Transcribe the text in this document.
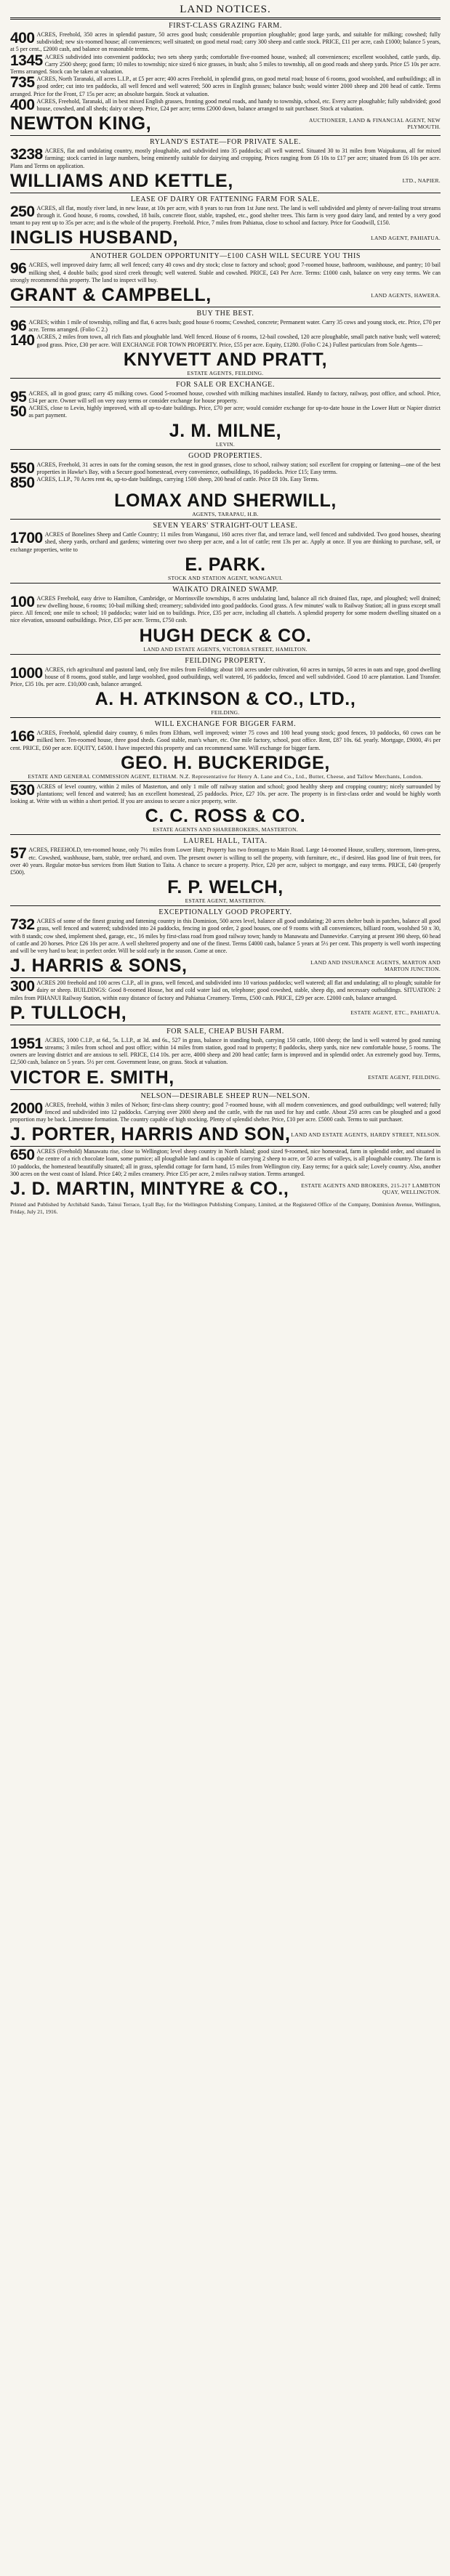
LAND NOTICES.
FIRST-CLASS GRAZING FARM.
400 ACRES, Freehold, 350 acres in splendid pasture, 50 acres good bush; considerable proportion ploughable; good large yards, and suitable for milking; cowshed; fully subdivided; new six-roomed house; all conveniences; well situated; on good metal road; carry 300 sheep and cattle stock. PRICE, £11 per acre, cash £1000; balance 5 years, at 5 per cent., £2000 cash, and balance on reasonable terms.
1345 ACRES subdivided into convenient paddocks; two sets sheep yards; comfortable five-roomed house, washed; all conveniences; excellent woolshed, cattle yards, dip. Carry 2500 sheep; good farm; 10 miles to township; nice sized 6 nice grasses, in bush; also 5 miles to township, all on good roads and sheep yards. Price £5 10s per acre. Terms arranged. Stock can be taken at valuation.
735 ACRES, North Taranaki, all acres L.I.P., at £5 per acre; 400 acres Freehold, in splendid grass, on good metal road; house of 6 rooms, good woolshed, and outbuildings; all in good order; cut into ten paddocks, all well fenced and well watered; 500 acres in English grasses; balance bush; would winter 2000 sheep and 200 head of cattle. Terms arranged. Price for the Front, £7 15s per acre; an absolute bargain. Stock at valuation.
400 ACRES, Freehold, Taranaki, all in best mixed English grasses, fronting good metal roads, and handy to township, school, etc. Every acre ploughable; fully subdivided; good house, cowshed, and all sheds; dairy or sheep. Price, £24 per acre; terms £2000 down, balance arranged to suit purchaser. Stock at valuation.
NEWTON KING,	AUCTIONEER, LAND & FINANCIAL AGENT, NEW PLYMOUTH.
RYLAND'S ESTATE—FOR PRIVATE SALE.
3238 ACRES, flat and undulating country, mostly ploughable, and subdivided into 35 paddocks; all well watered. Situated 30 to 31 miles from Waipukurau, all for mixed farming; stock carried in large numbers, being eminently suitable for dairying and cropping. Prices ranging from £6 10s to £17 per acre; situated from £6 10s per acre. Plans and Terms on application.
WILLIAMS AND KETTLE,	LTD., NAPIER.
LEASE OF DAIRY OR FATTENING FARM FOR SALE.
250 ACRES, all flat, mostly river land, in new lease, at 10s per acre, with 8 years to run from 1st June next. The land is well subdivided and plenty of never-failing trout streams through it. Good house, 6 rooms, cowshed, 18 bails, concrete floor, stable, trapshed, etc., good shelter trees. This farm is very good dairy land, and rented by a very good tenant to pay rent up to 35s per acre; and is the whole of the property. Freehold. Price, 7 miles from Pahiatua, close to school and factory. Price for Goodwill, £150.
INGLIS HUSBAND,	LAND AGENT, PAHIATUA.
ANOTHER GOLDEN OPPORTUNITY—£100 CASH WILL SECURE YOU THIS
96 ACRES, well improved dairy farm; all well fenced; carry 40 cows and dry stock; close to factory and school; good 7-roomed house, bathroom, washhouse, and pantry; 10 bail milking shed, 4 double bails; good sized creek through; well watered. Stable and cowshed. PRICE, £43 Per Acre. Terms: £1000 cash, balance on very easy terms. We can strongly recommend this property. The land to inspect will buy.
GRANT & CAMPBELL,	LAND AGENTS, HAWERA.
BUY THE BEST.
96 ACRES; within 1 mile of township, rolling and flat, 6 acres bush; good house 6 rooms; Cowshed, concrete; Permanent water. Carry 35 cows and young stock, etc. Price, £70 per acre. Terms arranged. (Folio C 2.)
140 ACRES, 2 miles from town, all rich flats and ploughable land. Well fenced. House of 6 rooms, 12-bail cowshed, 120 acre ploughable, small patch native bush; well watered; good grass. Price, £30 per acre. Will EXCHANGE FOR TOWN PROPERTY. Price, £55 per acre. Equity, £1280. (Folio C 24.) Fullest particulars from Sole Agents—
KNYVETT AND PRATT,
ESTATE AGENTS, FEILDING.
FOR SALE OR EXCHANGE.
95 ACRES, all in good grass; carry 45 milking cows. Good 5-roomed house, cowshed with milking machines installed. Handy to factory, railway, post office, and school. Price, £34 per acre. Owner will sell on very easy terms or consider exchange for house property.
50 ACRES, close to Levin, highly improved, with all up-to-date buildings. Price, £70 per acre; would consider exchange for up-to-date house in the Lower Hutt or Napier district as part payment.
J. M. MILNE,
LEVIN.
GOOD PROPERTIES.
550 ACRES, Freehold, 31 acres in oats for the coming season, the rest in good grasses, close to school, railway station; soil excellent for cropping or fattening—one of the best properties in Hawke's Bay, with a Secure good homestead, every convenience, outbuildings, 16 paddocks. Price £15; Easy terms.
850 ACRES, L.I.P., 70 Acres rent 4s, up-to-date buildings, carrying 1500 sheep, 200 head of cattle. Price £8 10s. Easy Terms.
LOMAX AND SHERWILL,
AGENTS, TARAPAU, H.B.
SEVEN YEARS' STRAIGHT-OUT LEASE.
1700 ACRES of Bonelines Sheep and Cattle Country; 11 miles from Wanganui, 160 acres river flat, and terrace land, well fenced and subdivided. Two good houses, shearing shed, sheep yards, orchard and gardens; wintering over two sheep per acre, and a lot of cattle; rent 13s per ac. Apply at once. If you are thinking to purchase, sell, or exchange properties, write to
E. PARK.
STOCK AND STATION AGENT, WANGANUI.
WAIKATO DRAINED SWAMP.
100 ACRES Freehold, easy drive to Hamilton, Cambridge, or Morrinsville townships, 8 acres undulating land, balance all rich drained flax, rape, and ploughed; well drained; new dwelling house, 6 rooms; 10-bail milking shed; creamery; subdivided into good paddocks. Good grass. A few minutes' walk to Railway Station; all in grass except small piece. All fenced; one mile to school; 10 paddocks; water laid on to buildings. Price, £35 per acre, including all chattels. A splendid property for some modern dwelling situated on a nice elevation, unsound outbuildings. Price, £35 per acre. Terms, £750 cash.
HUGH DECK & CO.
LAND AND ESTATE AGENTS, VICTORIA STREET, HAMILTON.
FEILDING PROPERTY.
1000 ACRES, rich agricultural and pastoral land, only five miles from Feilding; about 100 acres under cultivation, 60 acres in turnips, 50 acres in oats and rape, good dwelling house of 8 rooms, good stable, and large woolshed, good outbuildings, well watered, 16 paddocks, fenced and well subdivided. Good 10 acre plantation. Land Transfer. Price, £35 10s. per acre. £10,000 cash, balance arranged.
A. H. ATKINSON & CO., LTD.,
FEILDING.
WILL EXCHANGE FOR BIGGER FARM.
166 ACRES, Freehold, splendid dairy country, 6 miles from Eltham, well improved; winter 75 cows and 100 head young stock; good fences, 10 paddocks, 60 cows can be milked here. Ten-roomed house, three good sheds. Good stable, man's whare, etc. One mile factory, school, post office. Rent, £87 10s. 6d. yearly. Mortgage, £9000, 4½ per cent. PRICE, £60 per acre. EQUITY, £4500. I have inspected this property and can recommend same. Will exchange for bigger farm.
GEO. H. BUCKERIDGE,
ESTATE AND GENERAL COMMISSION AGENT, ELTHAM. N.Z. Representative for Henry A. Lane and Co., Ltd., Butter, Cheese, and Tallow Merchants, London.
530 ACRES of level country, within 2 miles of Masterton, and only 1 mile off railway station and school; good healthy sheep and cropping country; nicely surrounded by plantations; well fenced and watered; has an excellent homestead, 25 paddocks. Price, £27 10s. per acre. The property is in first-class order and would be highly worth looking at. Write with us within a short period. If you are anxious to secure a nice property, write.
C. C. ROSS & CO.
ESTATE AGENTS AND SHAREBROKERS, MASTERTON.
LAUREL HALL, TAITA.
57 ACRES, FREEHOLD, ten-roomed house, only 7½ miles from Lower Hutt; Property has two frontages to Main Road. Large 14-roomed House, scullery, storeroom, linen-press, etc. Cowshed, washhouse, barn, stable, tree orchard, and oven. The present owner is willing to sell the property, with furniture, etc., if desired. Has good line of fruit trees, for over 40 years. Regular motor-bus services from Hutt Station to Taita. A chance to secure a property. Price, £20 per acre, subject to mortgage, and easy terms. PRICE, £40 (properly £500).
F. P. WELCH,
ESTATE AGENT, MASTERTON.
EXCEPTIONALLY GOOD PROPERTY.
732 ACRES of some of the finest grazing and fattening country in this Dominion, 500 acres level, balance all good undulating; 20 acres shelter bush in patches, balance all good grass, well fenced and watered; subdivided into 24 paddocks, fencing in good order, 2 good houses, one of 9 rooms with all conveniences, billiard room, woolshed 50 x 30, with 8 stands; cow shed, implement shed, garage, etc., 16 miles by first-class road from good railway town; handy to Manawatu and Dannevirke. Carrying at present 390 sheep, 60 head of cattle and 20 horses. Price £26 10s per acre. A well sheltered property and one of the finest. Terms £4000 cash, balance 5 years at 5½ per cent. This property is well worth inspecting and will be very hard to beat; in perfect order. Will be sold early in the season. Come at once.
J. HARRIS & SONS,	LAND AND INSURANCE AGENTS, MARTON AND MARTON JUNCTION.
300 ACRES 200 freehold and 100 acres C.I.P., all in grass, well fenced, and subdivided into 10 various paddocks; well watered; all flat and undulating; all to plough; suitable for dairy or sheep. BUILDINGS: Good 8-roomed House, hot and cold water laid on, telephone; good cowshed, stable, sheep dip, and necessary outbuildings. SITUATION: 2 miles from PIHANUI Railway Station, within easy distance of factory and Pahiatua Creamery. Terms, £500 cash. PRICE, £29 per acre. £2000 cash, balance arranged.
P. TULLOCH,	ESTATE AGENT, ETC., PAHIATUA.
FOR SALE, CHEAP BUSH FARM.
1951 ACRES, 1000 C.I.P., at 6d., 5s. L.I.P., at 3d. and 6s., 527 in grass, balance in standing bush, carrying 150 cattle, 1000 sheep; the land is well watered by good running streams; 3 miles from school and post office; within 14 miles from station, good road to property; 8 paddocks, sheep yards, nice new comfortable house, 5 rooms. The owners are leaving district and are anxious to sell. PRICE, £14 10s. per acre, 4000 sheep and 200 head cattle; farm is improved and in splendid order. An extremely good buy. Terms, £2,500 cash, balance on 5 years. 5½ per cent. Government lease, on grass. Stock at valuation.
VICTOR E. SMITH,	ESTATE AGENT, FEILDING.
NELSON—DESIRABLE SHEEP RUN—NELSON.
2000 ACRES, freehold, within 3 miles of Nelson; first-class sheep country; good 7-roomed house, with all modern conveniences, and good outbuildings; well watered; fully fenced and subdivided into 12 paddocks. Carrying over 2000 sheep and the cattle, with the run used for hay and cattle. About 250 acres can be ploughed and a good proportion may be back. Limestone formation. The country capable of high stocking. Plenty of splendid shelter. Price, £10 per acre. £5000 cash. Terms to suit purchaser.
J. PORTER, HARRIS AND SON, LAND AND ESTATE AGENTS, HARDY STREET, NELSON.
650 ACRES (Freehold) Manawatu rise, close to Wellington; level sheep country in North Island; good sized 9-roomed, nice homestead, farm in splendid order, and situated in the centre of a rich chocolate loam, some pumice; all ploughable land and is capable of carrying 2 sheep to acre, or 50 acres of valleys, is all ploughable country. The farm is 10 paddocks, the homestead beautifully situated; all in grass, splendid cottage for farm hand, 15 miles from Wellington city. Easy terms; for a quick sale; Lovely country. Also, another 300 acres on the west coast of Island. Price £40; 2 miles creamery. Price £35 per acre, 2 miles railway station. Terms arranged.
J. D. MARTIN, MINTYRE & CO.,	ESTATE AGENTS AND BROKERS, 215-217 LAMBTON QUAY, WELLINGTON.
Printed and Published by Archibald Sando, Tainui Terrace, Lyall Bay, for the Wellington Publishing Company, Limited, at the Registered Office of the Company, Dominion Avenue, Wellington, Friday, July 21, 1916.
